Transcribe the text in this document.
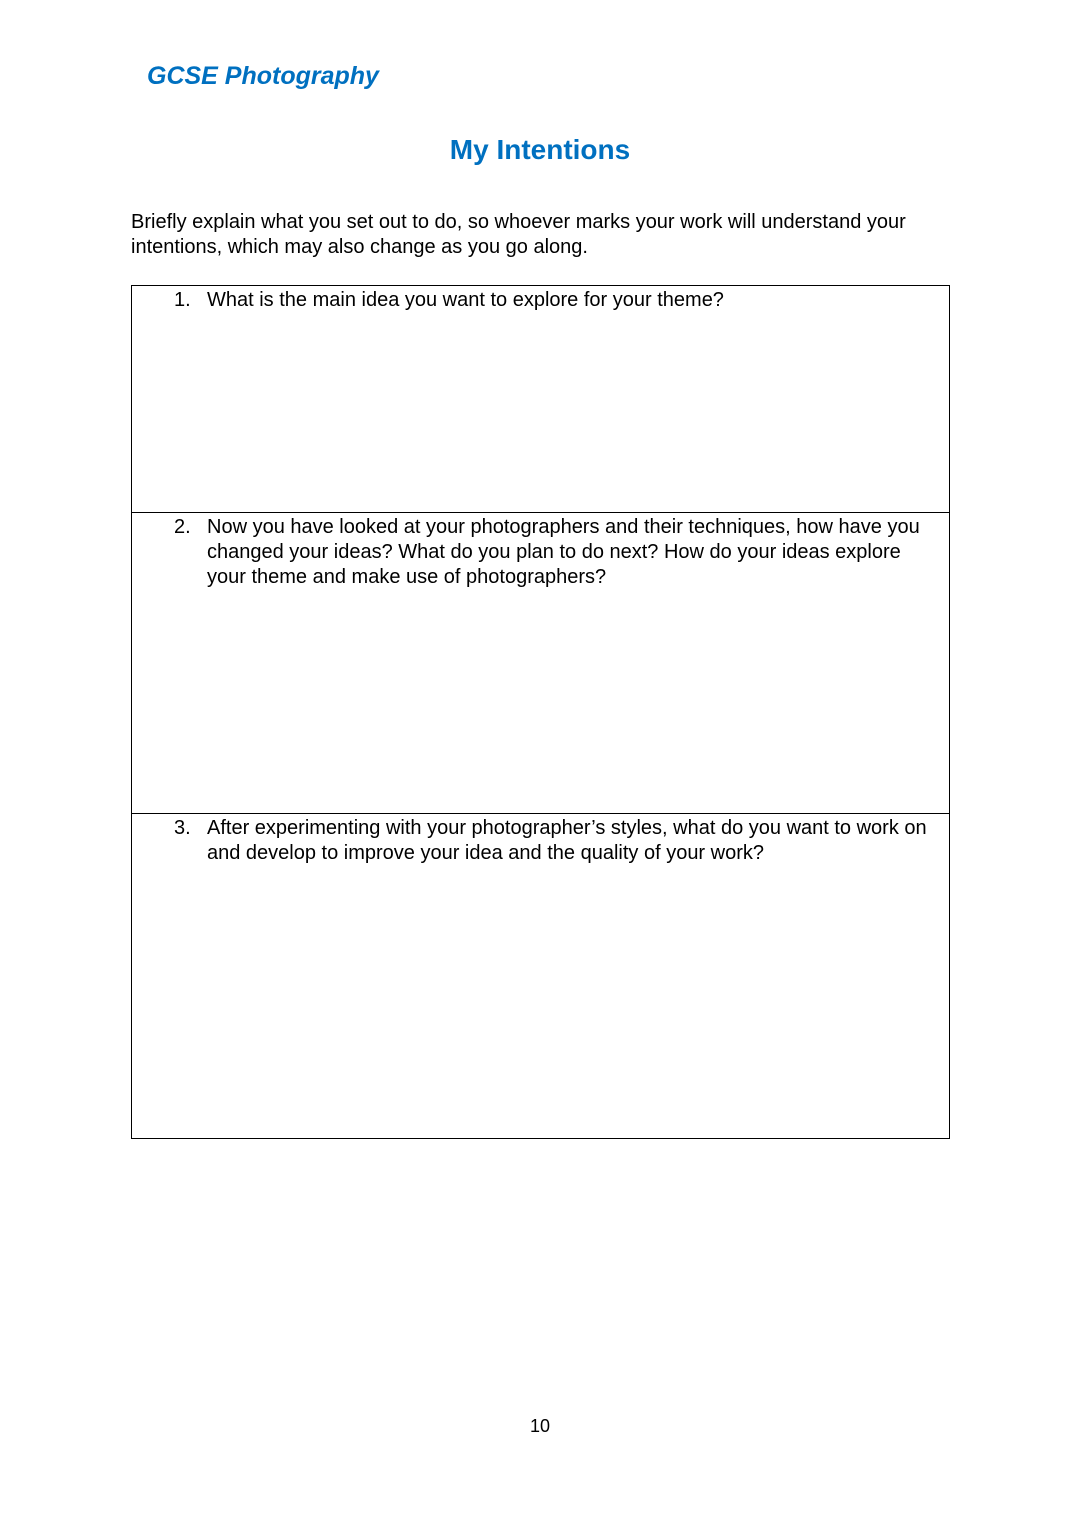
GCSE Photography
My Intentions
Briefly explain what you set out to do, so whoever marks your work will understand your intentions, which may also change as you go along.
1. What is the main idea you want to explore for your theme?
2. Now you have looked at your photographers and their techniques, how have you changed your ideas? What do you plan to do next? How do your ideas explore your theme and make use of photographers?
3. After experimenting with your photographer’s styles, what do you want to work on and develop to improve your idea and the quality of your work?
10
